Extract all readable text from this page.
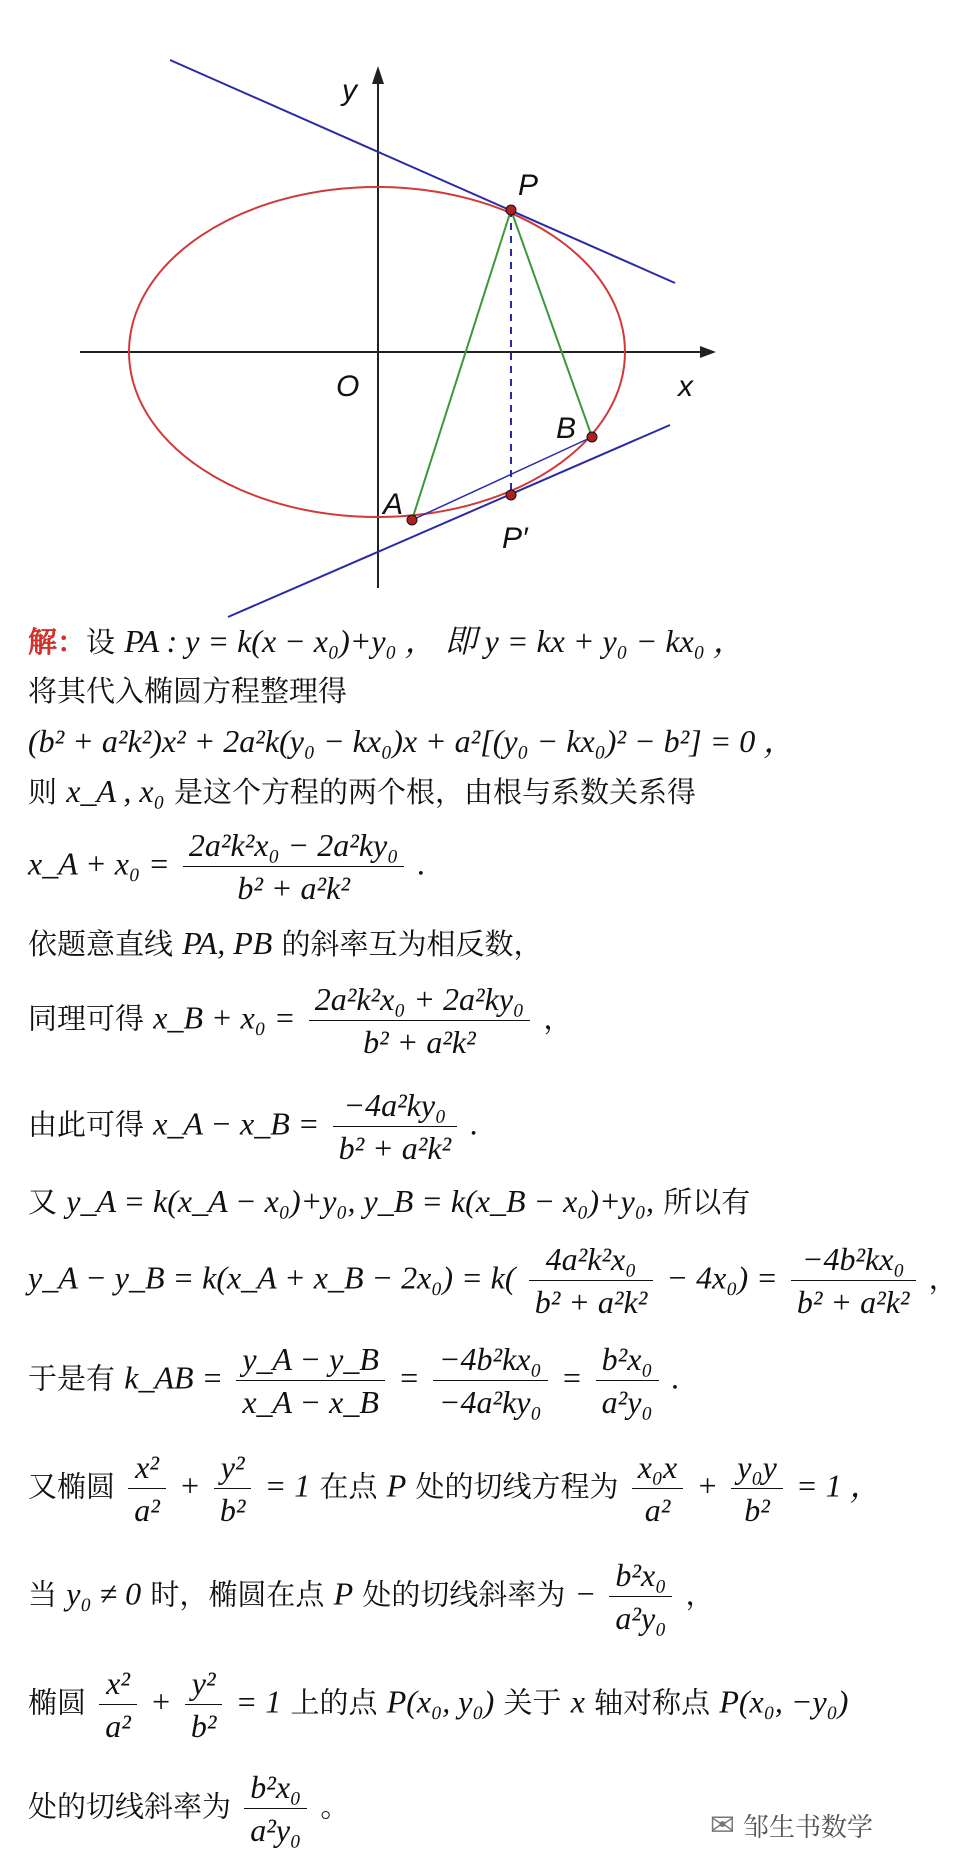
y
x
O
P
B
A
P′
解：设 PA : y = k(x − x₀)+y₀ ， 即 y = kx + y₀ − kx₀ ，
将其代入椭圆方程整理得
(b² + a²k²)x² + 2a²k(y₀ − kx₀)x + a²[(y₀ − kx₀)² − b²] = 0 ，
则 x_A , x₀ 是这个方程的两个根，由根与系数关系得
x_A + $x_0 = \frac{\text{2a²k²x₀ − 2a²ky₀}}{\text{b² + a²k²}}$ .
依题意直线 PA, PB 的斜率互为相反数，
同理可得 x_B + $x_0 = \frac{\text{2a²k²x₀ + 2a²ky₀}}{\text{b² + a²k²}}$ ，
由此可得 x_A − x_B = $\frac{\text{−4a²ky₀}}{\text{b² + a²k²}}$ .
又 y_A = k(x_A − x₀)+y₀, y_B = k(x_B − x₀)+y₀, 所以有
y_A − y_B = k(x_A + x_B − $2x_0) = k( \frac{\text{4a²k²x₀}}{\text{b² + a²k²}} - 4x_0) = \frac{\text{−4b²kx₀}}{\text{b² + a²k²}}$ ，
于是有 k_AB = $\frac{y\_A - y\_B}{x\_A - x\_B} = \frac{\text{−4b²kx₀}}{\text{−4a²ky₀}} = \frac{\text{b²x₀}}{\text{a²y₀}}$ .
又椭圆 $\frac{\text{x²}}{\text{a²}} + \frac{\text{y²}}{\text{b²}} = 1$ 在点 P 处的切线方程为 $\frac{\text{x₀x}}{\text{a²}} + \frac{\text{y₀y}}{\text{b²}} = 1$ ，
当 y₀ ≠ 0 时，椭圆在点 P 处的切线斜率为 − $\frac{\text{b²x₀}}{\text{a²y₀}}$ ，
椭圆 $\frac{\text{x²}}{\text{a²}} + \frac{\text{y²}}{\text{b²}} = 1$ 上的点 P(x₀, y₀) 关于 x 轴对称点 P(x₀, −y₀)
处的切线斜率为 $\frac{\text{b²x₀}}{\text{a²y₀}}$ 。
✉ 邹生书数学
